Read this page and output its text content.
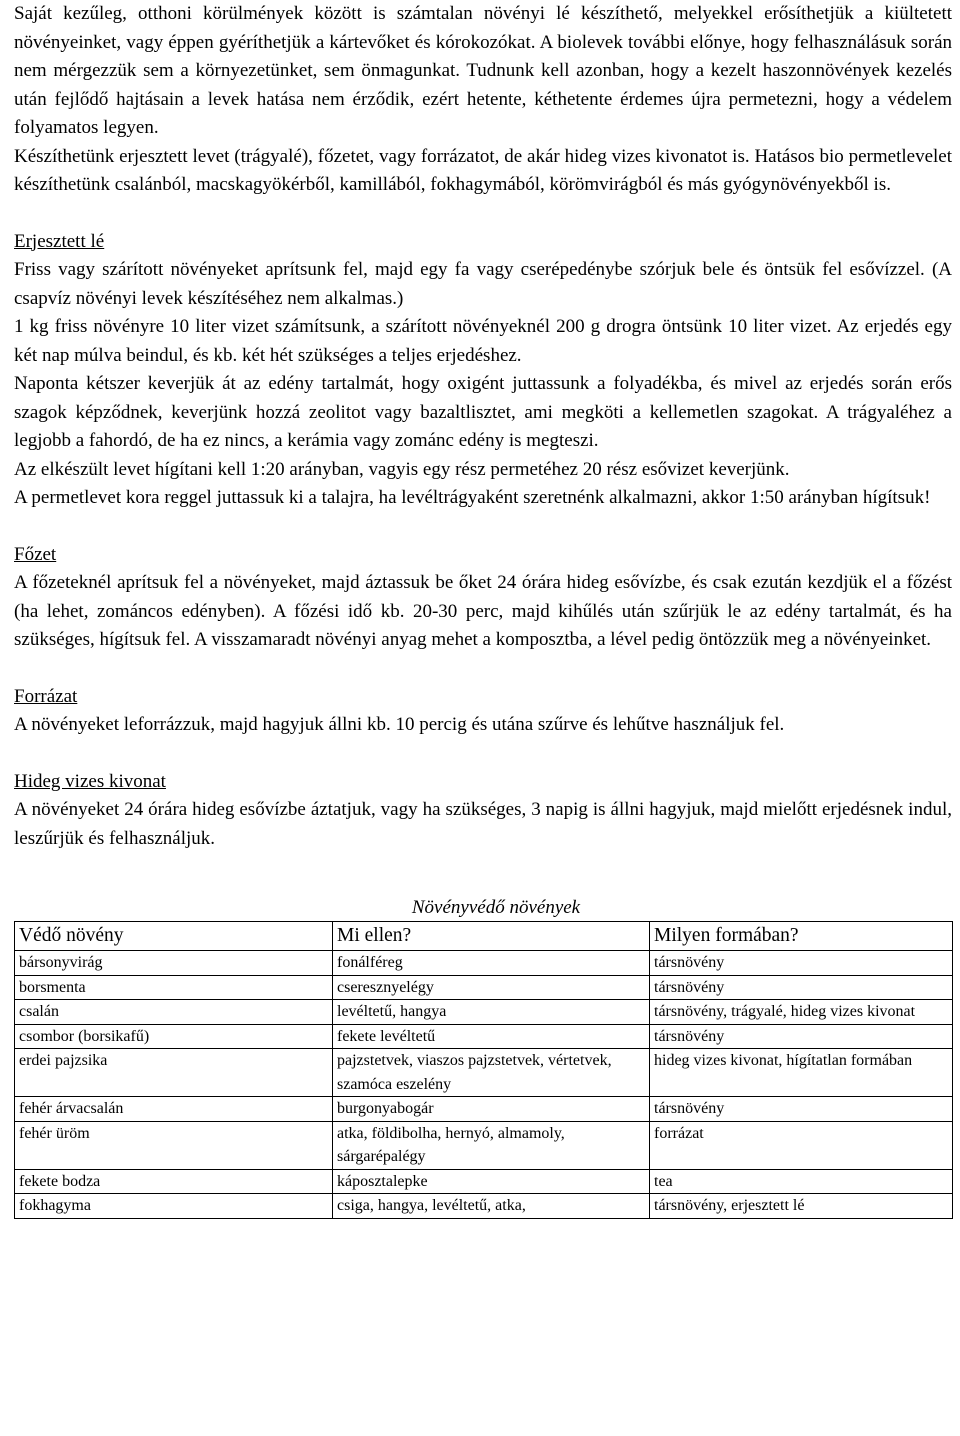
Saját kezűleg, otthoni körülmények között is számtalan növényi lé készíthető, melyekkel erősíthetjük a kiültetett növényeinket, vagy éppen gyéríthetjük a kártevőket és kórokozókat. A biolevek további előnye, hogy felhasználásuk során nem mérgezzük sem a környezetünket, sem önmagunkat. Tudnunk kell azonban, hogy a kezelt haszonnövények kezelés után fejlődő hajtásain a levek hatása nem érződik, ezért hetente, kéthetente érdemes újra permetezni, hogy a védelem folyamatos legyen.

Készíthetünk erjesztett levet (trágyalé), főzetet, vagy forrázatot, de akár hideg vizes kivonatot is. Hatásos bio permetlevelet készíthetünk csalánból, macskagyökérből, kamillából, fokhagymából, körömvirágból és más gyógynövényekből is.

Erjesztett lé

Friss vagy szárított növényeket aprítsunk fel, majd egy fa vagy cserépedénybe szórjuk bele és öntsük fel esővízzel. (A csapvíz növényi levek készítéséhez nem alkalmas.)

1 kg friss növényre 10 liter vizet számítsunk, a szárított növényeknél 200 g drogra öntsünk 10 liter vizet. Az erjedés egy két nap múlva beindul, és kb. két hét szükséges a teljes erjedéshez.

Naponta kétszer keverjük át az edény tartalmát, hogy oxigént juttassunk a folyadékba, és mivel az erjedés során erős szagok képződnek, keverjünk hozzá zeolitot vagy bazaltlisztet, ami megköti a kellemetlen szagokat. A trágyaléhez a legjobb a fahordó, de ha ez nincs, a kerámia vagy zománc edény is megteszi.

Az elkészült levet hígítani kell 1:20 arányban, vagyis egy rész permetéhez 20 rész esővizet keverjünk.

A permetlevet kora reggel juttassuk ki a talajra, ha levéltrágyaként szeretnénk alkalmazni, akkor 1:50 arányban hígítsuk!

Főzet

A főzeteknél aprítsuk fel a növényeket, majd áztassuk be őket 24 órára hideg esővízbe, és csak ezután kezdjük el a főzést (ha lehet, zománcos edényben). A főzési idő kb. 20-30 perc, majd kihűlés után szűrjük le az edény tartalmát, és ha szükséges, hígítsuk fel. A visszamaradt növényi anyag mehet a komposztba, a lével pedig öntözzük meg a növényeinket.

Forrázat

A növényeket leforrázzuk, majd hagyjuk állni kb. 10 percig és utána szűrve és lehűtve használjuk fel.

Hideg vizes kivonat

A növényeket 24 órára hideg esővízbe áztatjuk, vagy ha szükséges, 3 napig is állni hagyjuk, majd mielőtt erjedésnek indul, leszűrjük és felhasználjuk.

Növényvédő növények

Védő növény	Mi ellen?	Milyen formában?
bársonyvirág	fonálféreg	társnövény
borsmenta	cseresznyelégy	társnövény
csalán	levéltetű, hangya	társnövény, trágyalé, hideg vizes kivonat
csombor (borsikafű)	fekete levéltetű	társnövény
erdei pajzsika	pajzstetvek, viaszos pajzstetvek, vértetvek, szamóca eszelény	hideg vizes kivonat, hígítatlan formában
fehér árvacsalán	burgonyabogár	társnövény
fehér üröm	atka, földibolha, hernyó, almamoly, sárgarépalégy	forrázat
fekete bodza	káposztalepke	tea
fokhagyma	csiga, hangya, levéltetű, atka,	társnövény, erjesztett lé
